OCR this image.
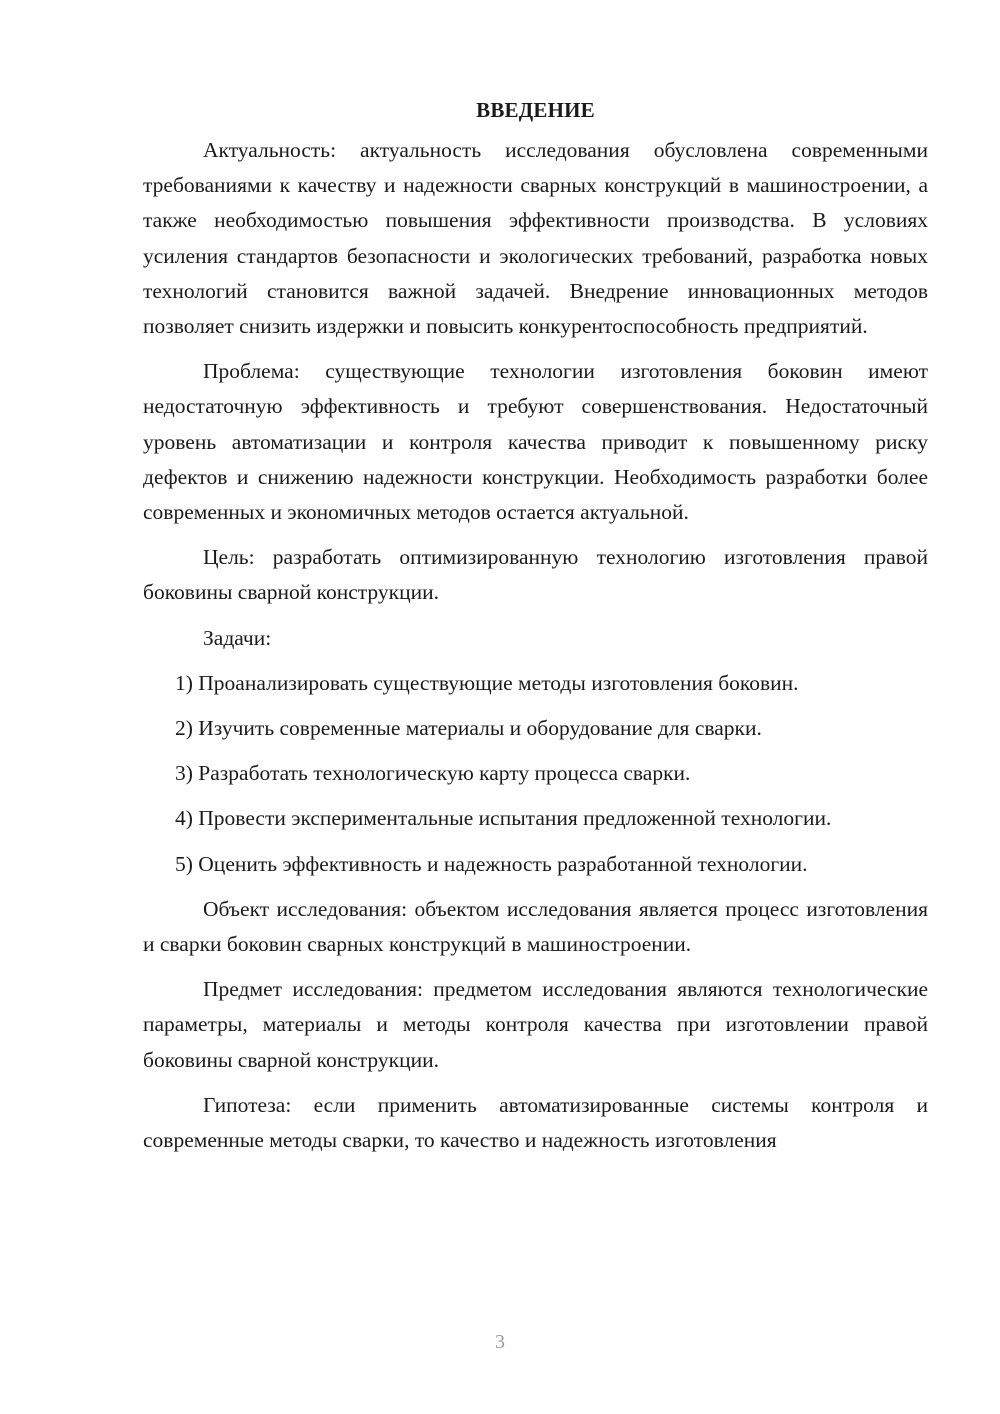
ВВЕДЕНИЕ

Актуальность: актуальность исследования обусловлена современными требованиями к качеству и надежности сварных конструкций в машиностроении, а также необходимостью повышения эффективности производства. В условиях усиления стандартов безопасности и экологических требований, разработка новых технологий становится важной задачей. Внедрение инновационных методов позволяет снизить издержки и повысить конкурентоспособность предприятий.

Проблема: существующие технологии изготовления боковин имеют недостаточную эффективность и требуют совершенствования. Недостаточный уровень автоматизации и контроля качества приводит к повышенному риску дефектов и снижению надежности конструкции. Необходимость разработки более современных и экономичных методов остается актуальной.

Цель: разработать оптимизированную технологию изготовления правой боковины сварной конструкции.

Задачи:

1) Проанализировать существующие методы изготовления боковин.

2) Изучить современные материалы и оборудование для сварки.

3) Разработать технологическую карту процесса сварки.

4) Провести экспериментальные испытания предложенной технологии.

5) Оценить эффективность и надежность разработанной технологии.

Объект исследования: объектом исследования является процесс изготовления и сварки боковин сварных конструкций в машиностроении.

Предмет исследования: предметом исследования являются технологические параметры, материалы и методы контроля качества при изготовлении правой боковины сварной конструкции.

Гипотеза: если применить автоматизированные системы контроля и современные методы сварки, то качество и надежность изготовления

3
